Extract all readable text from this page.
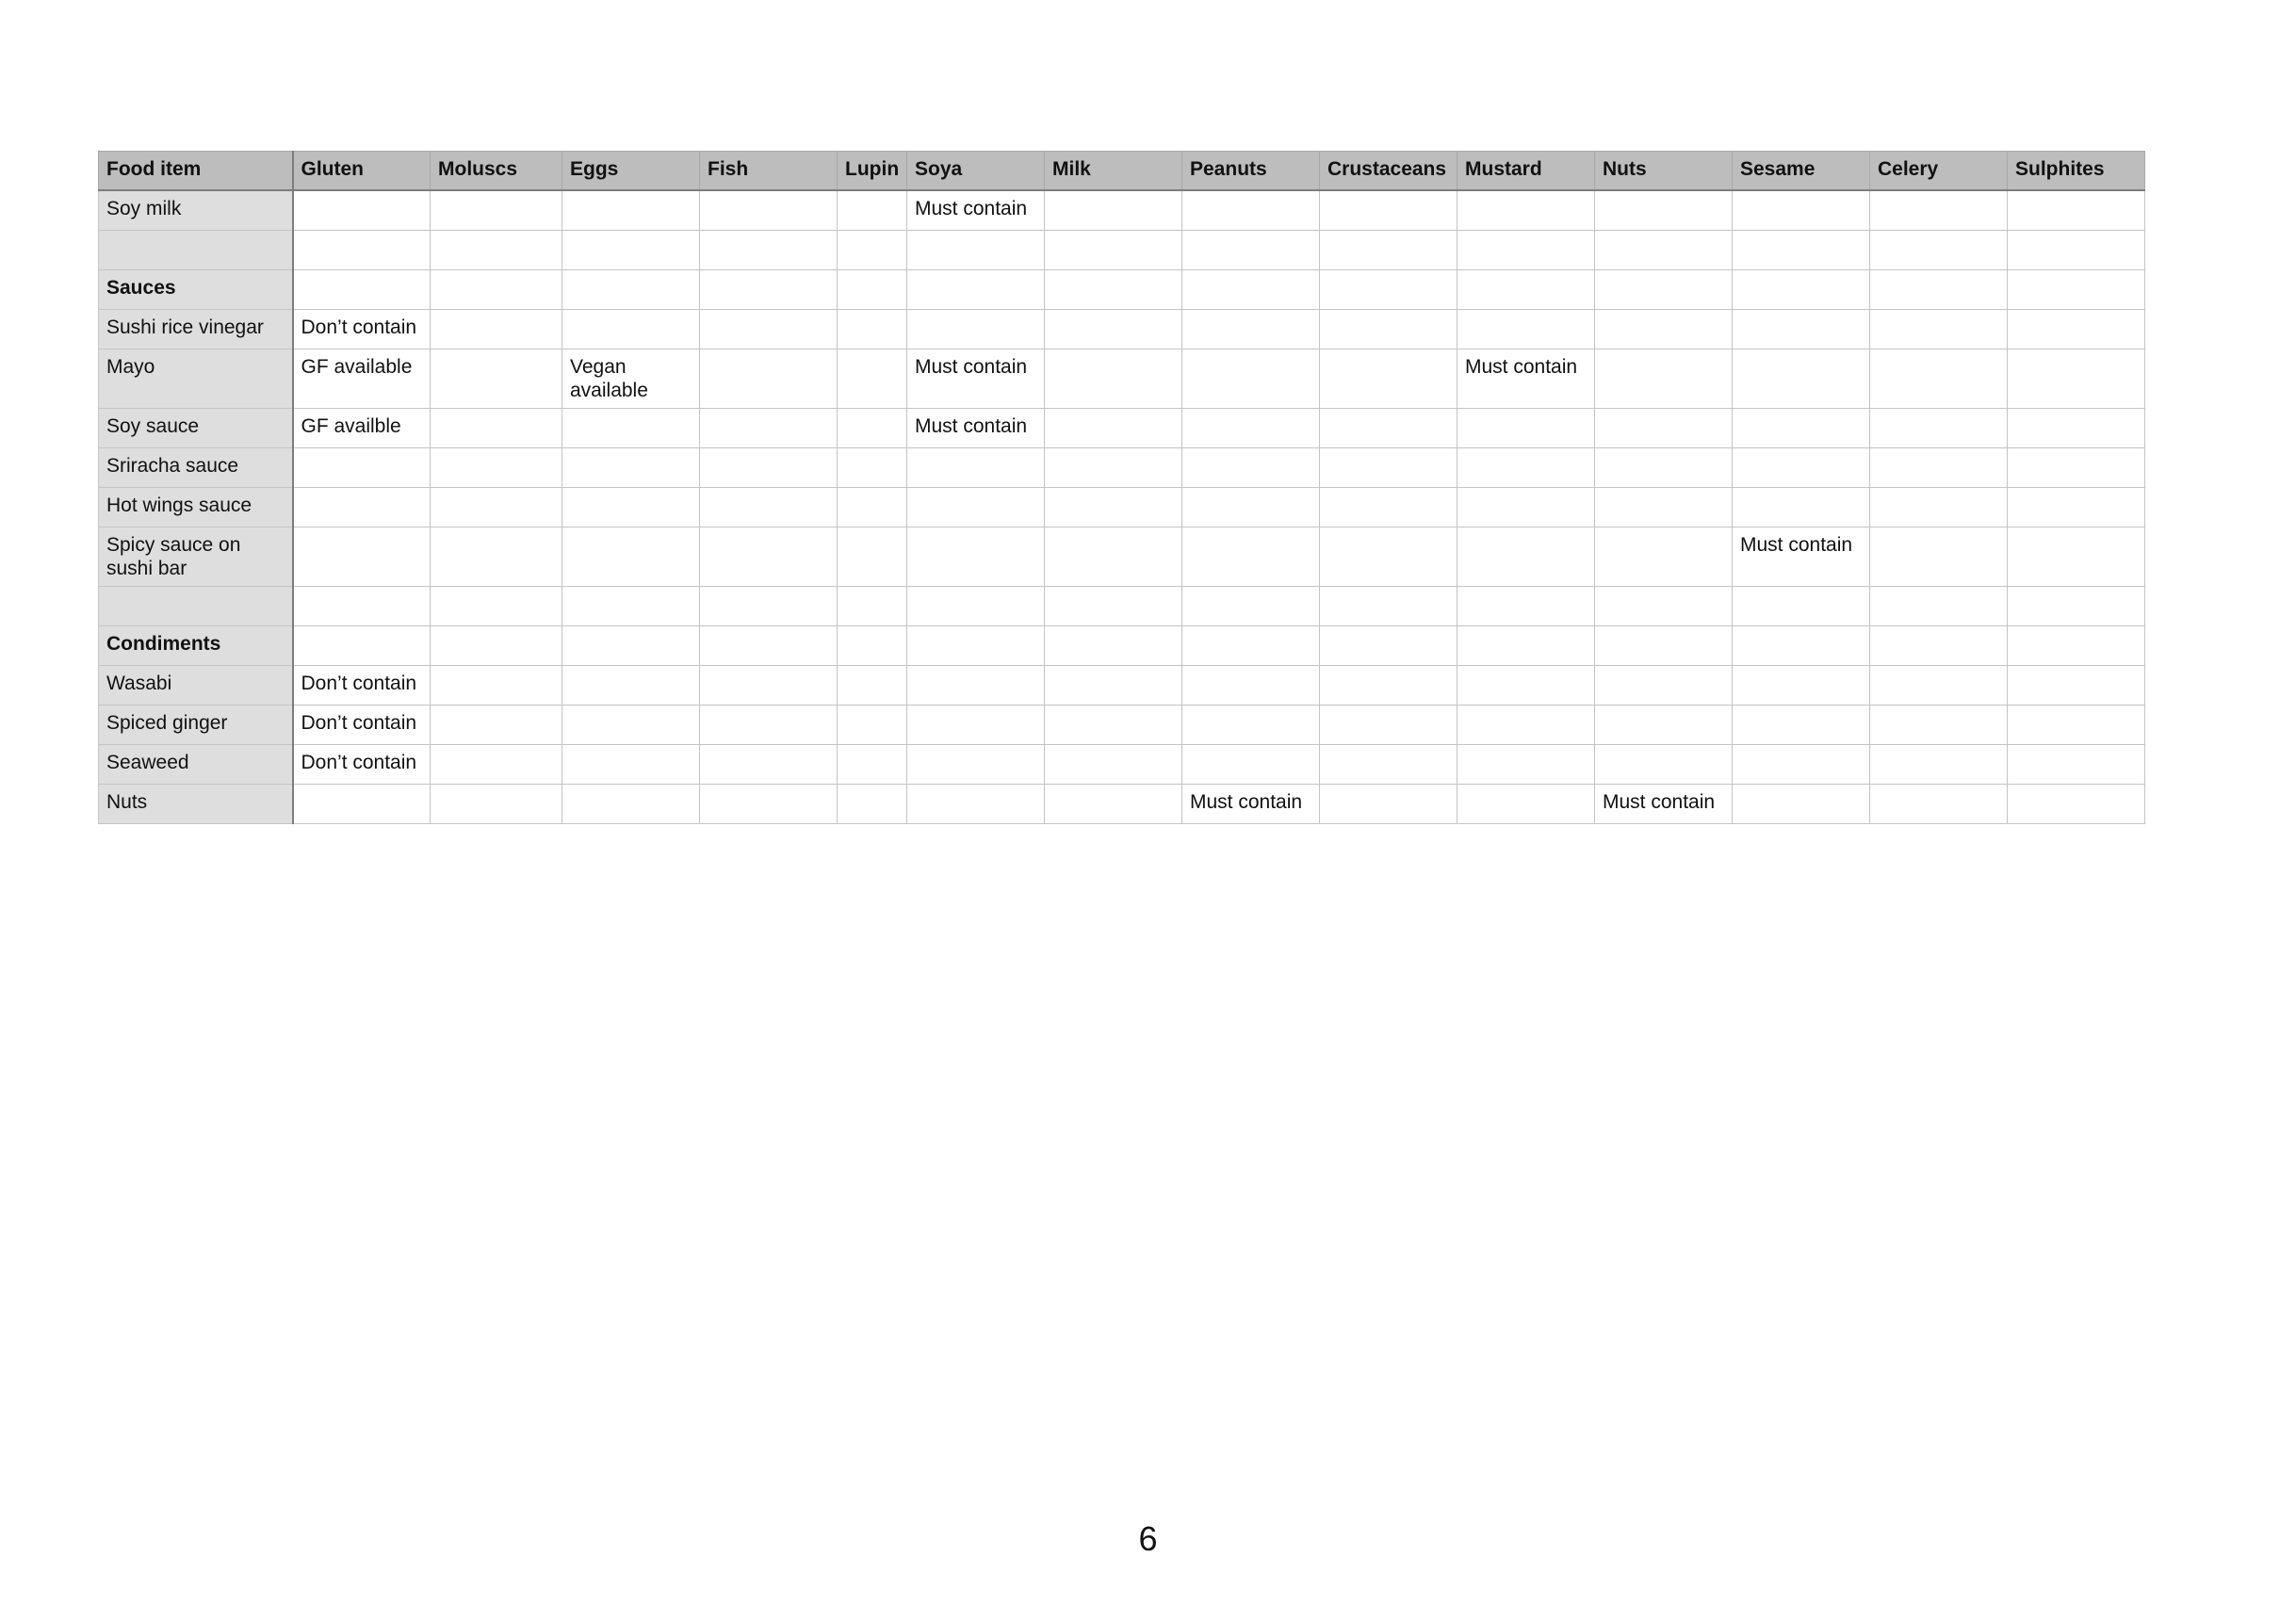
Food item	Gluten	Moluscs	Eggs	Fish	Lupin	Soya	Milk	Peanuts	Crustaceans	Mustard	Nuts	Sesame	Celery	Sulphites
Soy milk						Must contain								

Sauces														
Sushi rice vinegar	Don’t contain													
Mayo	GF available		Vegan available			Must contain				Must contain				
Soy sauce	GF availble					Must contain								
Sriracha sauce														
Hot wings sauce														
Spicy sauce on sushi bar												Must contain		

Condiments														
Wasabi	Don’t contain													
Spiced ginger	Don’t contain													
Seaweed	Don’t contain													
Nuts								Must contain			Must contain			
6
